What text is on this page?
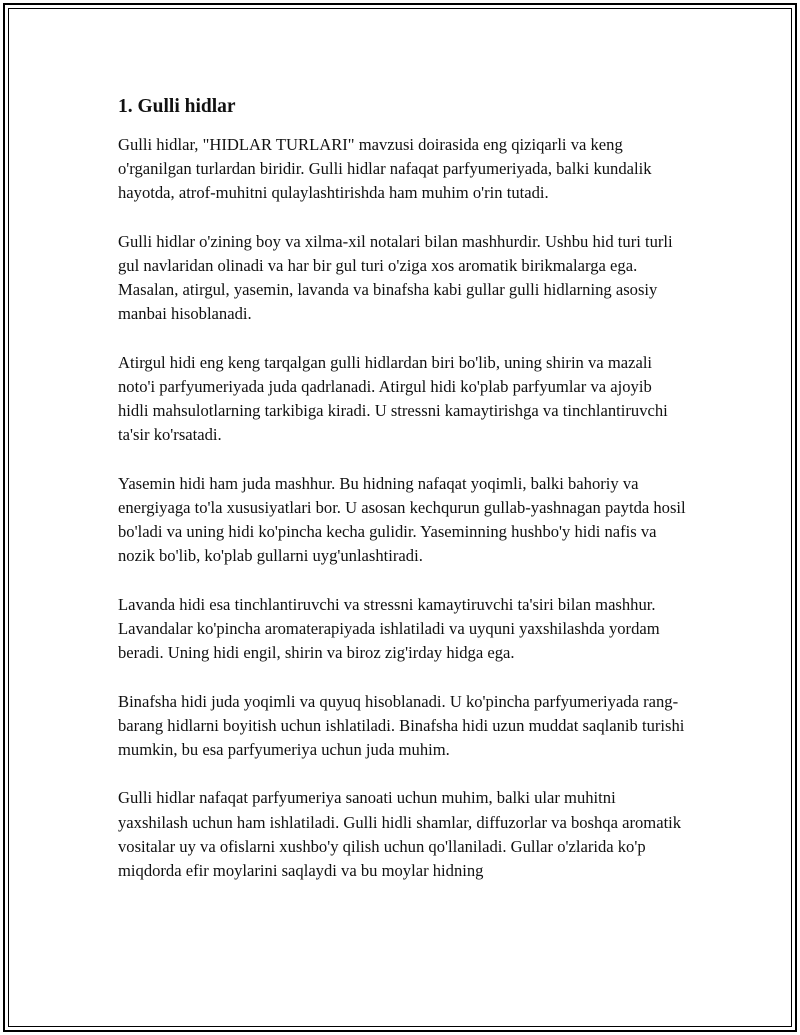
1. Gulli hidlar

Gulli hidlar, "HIDLAR TURLARI" mavzusi doirasida eng qiziqarli va keng o'rganilgan turlardan biridir. Gulli hidlar nafaqat parfyumeriyada, balki kundalik hayotda, atrof-muhitni qulaylashtirishda ham muhim o'rin tutadi.

Gulli hidlar o'zining boy va xilma-xil notalari bilan mashhurdir. Ushbu hid turi turli gul navlaridan olinadi va har bir gul turi o'ziga xos aromatik birikmalarga ega. Masalan, atirgul, yasemin, lavanda va binafsha kabi gullar gulli hidlarning asosiy manbai hisoblanadi.

Atirgul hidi eng keng tarqalgan gulli hidlardan biri bo'lib, uning shirin va mazali noto'i parfyumeriyada juda qadrlanadi. Atirgul hidi ko'plab parfyumlar va ajoyib hidli mahsulotlarning tarkibiga kiradi. U stressni kamaytirishga va tinchlantiruvchi ta'sir ko'rsatadi.

Yasemin hidi ham juda mashhur. Bu hidning nafaqat yoqimli, balki bahoriy va energiyaga to'la xususiyatlari bor. U asosan kechqurun gullab-yashnagan paytda hosil bo'ladi va uning hidi ko'pincha kecha gulidir. Yaseminning hushbo'y hidi nafis va nozik bo'lib, ko'plab gullarni uyg'unlashtiradi.

Lavanda hidi esa tinchlantiruvchi va stressni kamaytiruvchi ta'siri bilan mashhur. Lavandalar ko'pincha aromaterapiyada ishlatiladi va uyquni yaxshilashda yordam beradi. Uning hidi engil, shirin va biroz zig'irday hidga ega.

Binafsha hidi juda yoqimli va quyuq hisoblanadi. U ko'pincha parfyumeriyada rang-barang hidlarni boyitish uchun ishlatiladi. Binafsha hidi uzun muddat saqlanib turishi mumkin, bu esa parfyumeriya uchun juda muhim.

Gulli hidlar nafaqat parfyumeriya sanoati uchun muhim, balki ular muhitni yaxshilash uchun ham ishlatiladi. Gulli hidli shamlar, diffuzorlar va boshqa aromatik vositalar uy va ofislarni xushbo'y qilish uchun qo'llaniladi. Gullar o'zlarida ko'p miqdorda efir moylarini saqlaydi va bu moylar hidning
